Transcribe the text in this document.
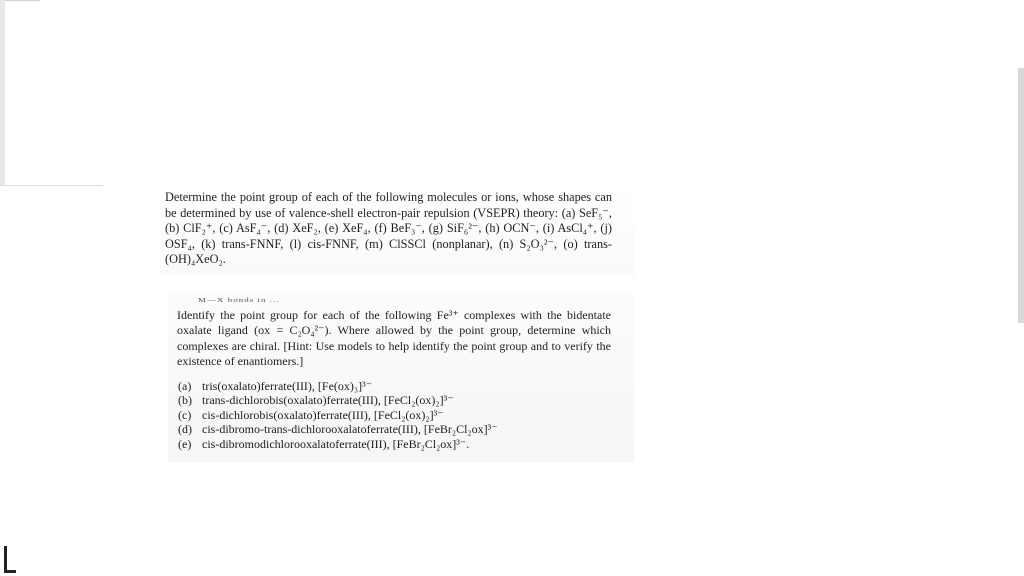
Determine the point group of each of the following molecules or ions, whose shapes can be determined by use of valence-shell electron-pair repulsion (VSEPR) theory: (a) SeF₅⁻, (b) ClF₂⁺, (c) AsF₄⁻, (d) XeF₂, (e) XeF₄, (f) BeF₃⁻, (g) SiF₆²⁻, (h) OCN⁻, (i) AsCl₄⁺, (j) OSF₄, (k) trans-FNNF, (l) cis-FNNF, (m) ClSSCl (nonplanar), (n) S₂O₃²⁻, (o) trans-(OH)₄XeO₂.

M—X bonds in ...

Identify the point group for each of the following Fe³⁺ complexes with the bidentate oxalate ligand (ox = C₂O₄²⁻). Where allowed by the point group, determine which complexes are chiral. [Hint: Use models to help identify the point group and to verify the existence of enantiomers.]

(a) tris(oxalato)ferrate(III), [Fe(ox)₃]³⁻
(b) trans-dichlorobis(oxalato)ferrate(III), [FeCl₂(ox)₂]³⁻
(c) cis-dichlorobis(oxalato)ferrate(III), [FeCl₂(ox)₂]³⁻
(d) cis-dibromo-trans-dichlorooxalatoferrate(III), [FeBr₂Cl₂ox]³⁻
(e) cis-dibromodichlorooxalatoferrate(III), [FeBr₂Cl₂ox]³⁻.
